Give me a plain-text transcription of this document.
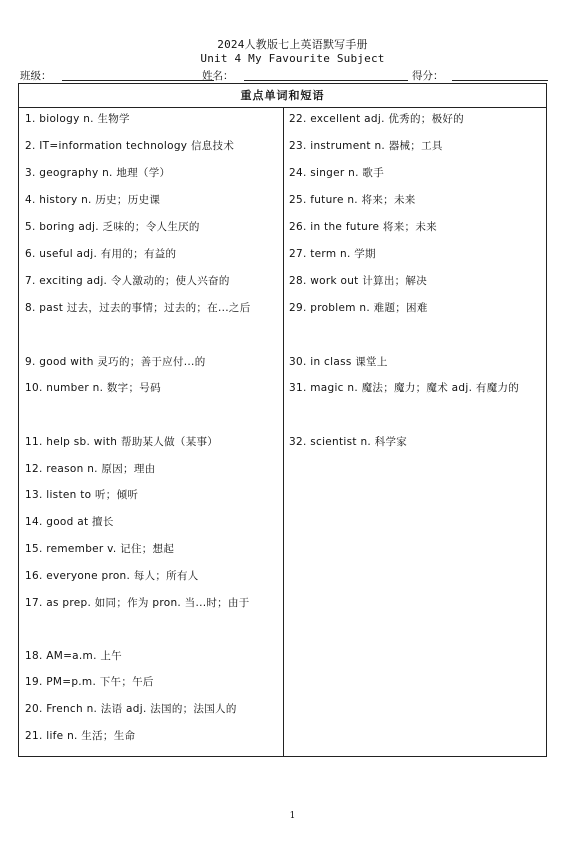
2024人教版七上英语默写手册
Unit 4 My Favourite Subject
班级：	姓名：	得分：
重点单词和短语
1. biology n. 生物学
2. IT=information technology 信息技术
3. geography n. 地理（学）
4. history n. 历史；历史课
5. boring adj. 乏味的；令人生厌的
6. useful adj. 有用的；有益的
7. exciting adj. 令人激动的；使人兴奋的
8. past 过去，过去的事情；过去的；在...之后
9. good with 灵巧的；善于应付...的
10. number n. 数字；号码
11. help sb. with 帮助某人做（某事）
12. reason n. 原因；理由
13. listen to 听；倾听
14. good at 擅长
15. remember v. 记住；想起
16. everyone pron. 每人；所有人
17. as prep. 如同；作为 pron. 当...时；由于
18. AM=a.m. 上午
19. PM=p.m. 下午；午后
20. French n. 法语 adj. 法国的；法国人的
21. life n. 生活；生命
22. excellent adj. 优秀的；极好的
23. instrument n. 器械；工具
24. singer n. 歌手
25. future n. 将来；未来
26. in the future 将来；未来
27. term n. 学期
28. work out 计算出；解决
29. problem n. 难题；困难
30. in class 课堂上
31. magic n. 魔法；魔力；魔术 adj. 有魔力的
32. scientist n. 科学家
1
